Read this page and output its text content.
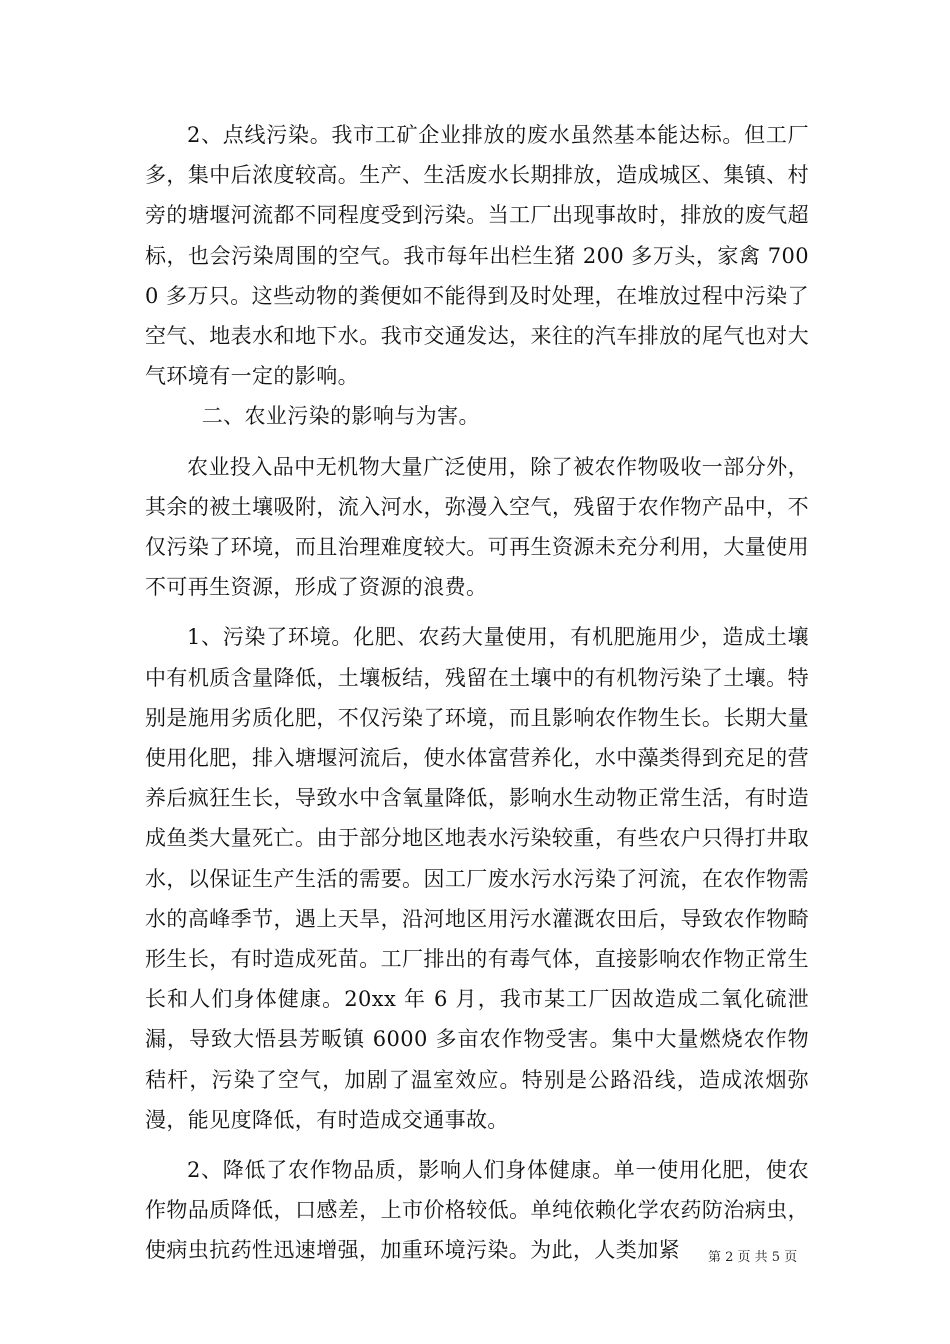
2、点线污染。我市工矿企业排放的废水虽然基本能达标。但工厂多，集中后浓度较高。生产、生活废水长期排放，造成城区、集镇、村旁的塘堰河流都不同程度受到污染。当工厂出现事故时，排放的废气超标，也会污染周围的空气。我市每年出栏生猪 200 多万头，家禽 7000 多万只。这些动物的粪便如不能得到及时处理，在堆放过程中污染了空气、地表水和地下水。我市交通发达，来往的汽车排放的尾气也对大气环境有一定的影响。

二、农业污染的影响与为害。

农业投入品中无机物大量广泛使用，除了被农作物吸收一部分外，其余的被土壤吸附，流入河水，弥漫入空气，残留于农作物产品中，不仅污染了环境，而且治理难度较大。可再生资源未充分利用，大量使用不可再生资源，形成了资源的浪费。

1、污染了环境。化肥、农药大量使用，有机肥施用少，造成土壤中有机质含量降低，土壤板结，残留在土壤中的有机物污染了土壤。特别是施用劣质化肥，不仅污染了环境，而且影响农作物生长。长期大量使用化肥，排入塘堰河流后，使水体富营养化，水中藻类得到充足的营养后疯狂生长，导致水中含氧量降低，影响水生动物正常生活，有时造成鱼类大量死亡。由于部分地区地表水污染较重，有些农户只得打井取水，以保证生产生活的需要。因工厂废水污水污染了河流，在农作物需水的高峰季节，遇上天旱，沿河地区用污水灌溉农田后，导致农作物畸形生长，有时造成死苗。工厂排出的有毒气体，直接影响农作物正常生长和人们身体健康。20xx 年 6 月，我市某工厂因故造成二氧化硫泄漏，导致大悟县芳畈镇 6000 多亩农作物受害。集中大量燃烧农作物秸杆，污染了空气，加剧了温室效应。特别是公路沿线，造成浓烟弥漫，能见度降低，有时造成交通事故。

2、降低了农作物品质，影响人们身体健康。单一使用化肥，使农作物品质降低，口感差，上市价格较低。单纯依赖化学农药防治病虫，使病虫抗药性迅速增强，加重环境污染。为此，人类加紧	第 2 页 共 5 页
